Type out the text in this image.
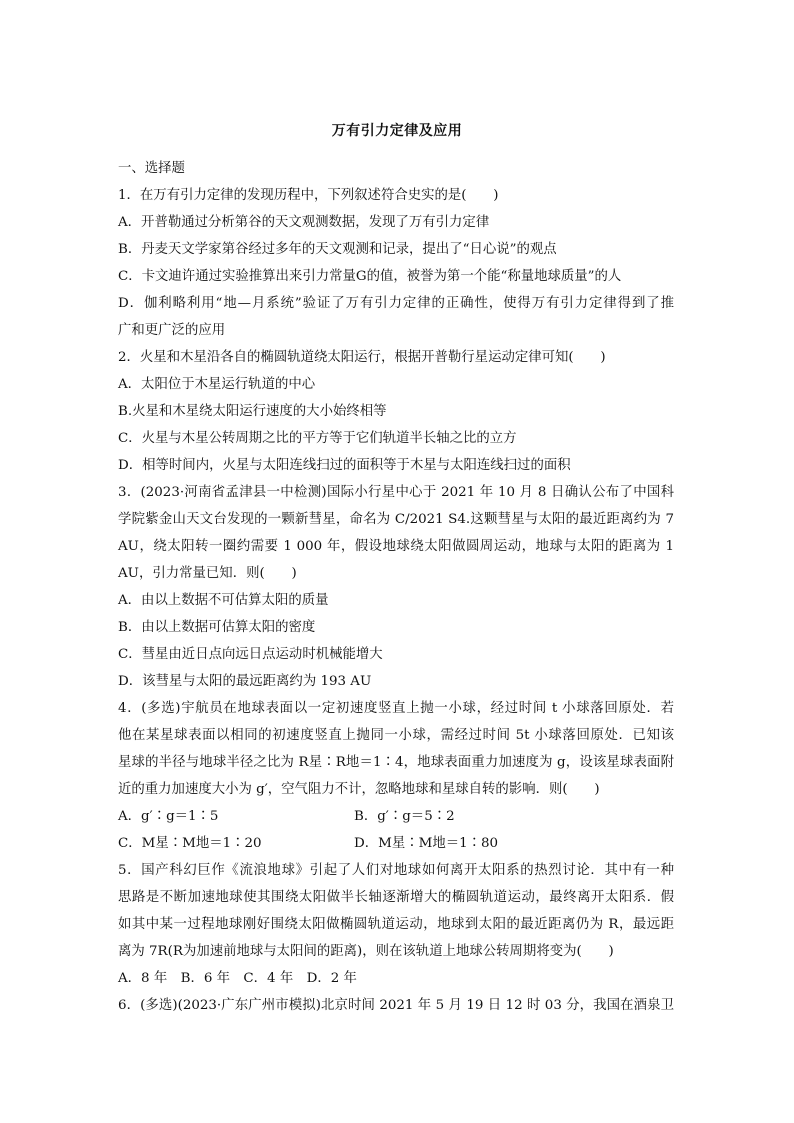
万有引力定律及应用
一、选择题
1．在万有引力定律的发现历程中，下列叙述符合史实的是(　　)
A．开普勒通过分析第谷的天文观测数据，发现了万有引力定律
B．丹麦天文学家第谷经过多年的天文观测和记录，提出了“日心说”的观点
C．卡文迪许通过实验推算出来引力常量G的值，被誉为第一个能“称量地球质量”的人
D．伽利略利用“地—月系统”验证了万有引力定律的正确性，使得万有引力定律得到了推
广和更广泛的应用
2．火星和木星沿各自的椭圆轨道绕太阳运行，根据开普勒行星运动定律可知(　　)
A．太阳位于木星运行轨道的中心
B.火星和木星绕太阳运行速度的大小始终相等
C．火星与木星公转周期之比的平方等于它们轨道半长轴之比的立方
D．相等时间内，火星与太阳连线扫过的面积等于木星与太阳连线扫过的面积
3．(2023·河南省孟津县一中检测)国际小行星中心于 2021 年 10 月 8 日确认公布了中国科
学院紫金山天文台发现的一颗新彗星，命名为 C/2021 S4.这颗彗星与太阳的最近距离约为 7
AU，绕太阳转一圈约需要 1 000 年，假设地球绕太阳做圆周运动，地球与太阳的距离为 1
AU，引力常量已知．则(　　)
A．由以上数据不可估算太阳的质量
B．由以上数据可估算太阳的密度
C．彗星由近日点向远日点运动时机械能增大
D．该彗星与太阳的最远距离约为 193 AU
4．(多选)宇航员在地球表面以一定初速度竖直上抛一小球，经过时间 t 小球落回原处．若
他在某星球表面以相同的初速度竖直上抛同一小球，需经过时间 5t 小球落回原处．已知该
星球的半径与地球半径之比为 R星∶R地＝1∶4，地球表面重力加速度为 g，设该星球表面附
近的重力加速度大小为 g′，空气阻力不计，忽略地球和星球自转的影响．则(　　)
A．g′∶g＝1∶5	B．g′∶g＝5∶2
C．M星∶M地＝1∶20	D．M星∶M地＝1∶80
5．国产科幻巨作《流浪地球》引起了人们对地球如何离开太阳系的热烈讨论．其中有一种
思路是不断加速地球使其围绕太阳做半长轴逐渐增大的椭圆轨道运动，最终离开太阳系．假
如其中某一过程地球刚好围绕太阳做椭圆轨道运动，地球到太阳的最近距离仍为 R，最远距
离为 7R(R为加速前地球与太阳间的距离)，则在该轨道上地球公转周期将变为(　　)
A．8 年　B．6 年　C．4 年　D．2 年
6．(多选)(2023·广东广州市模拟)北京时间 2021 年 5 月 19 日 12 时 03 分，我国在酒泉卫
